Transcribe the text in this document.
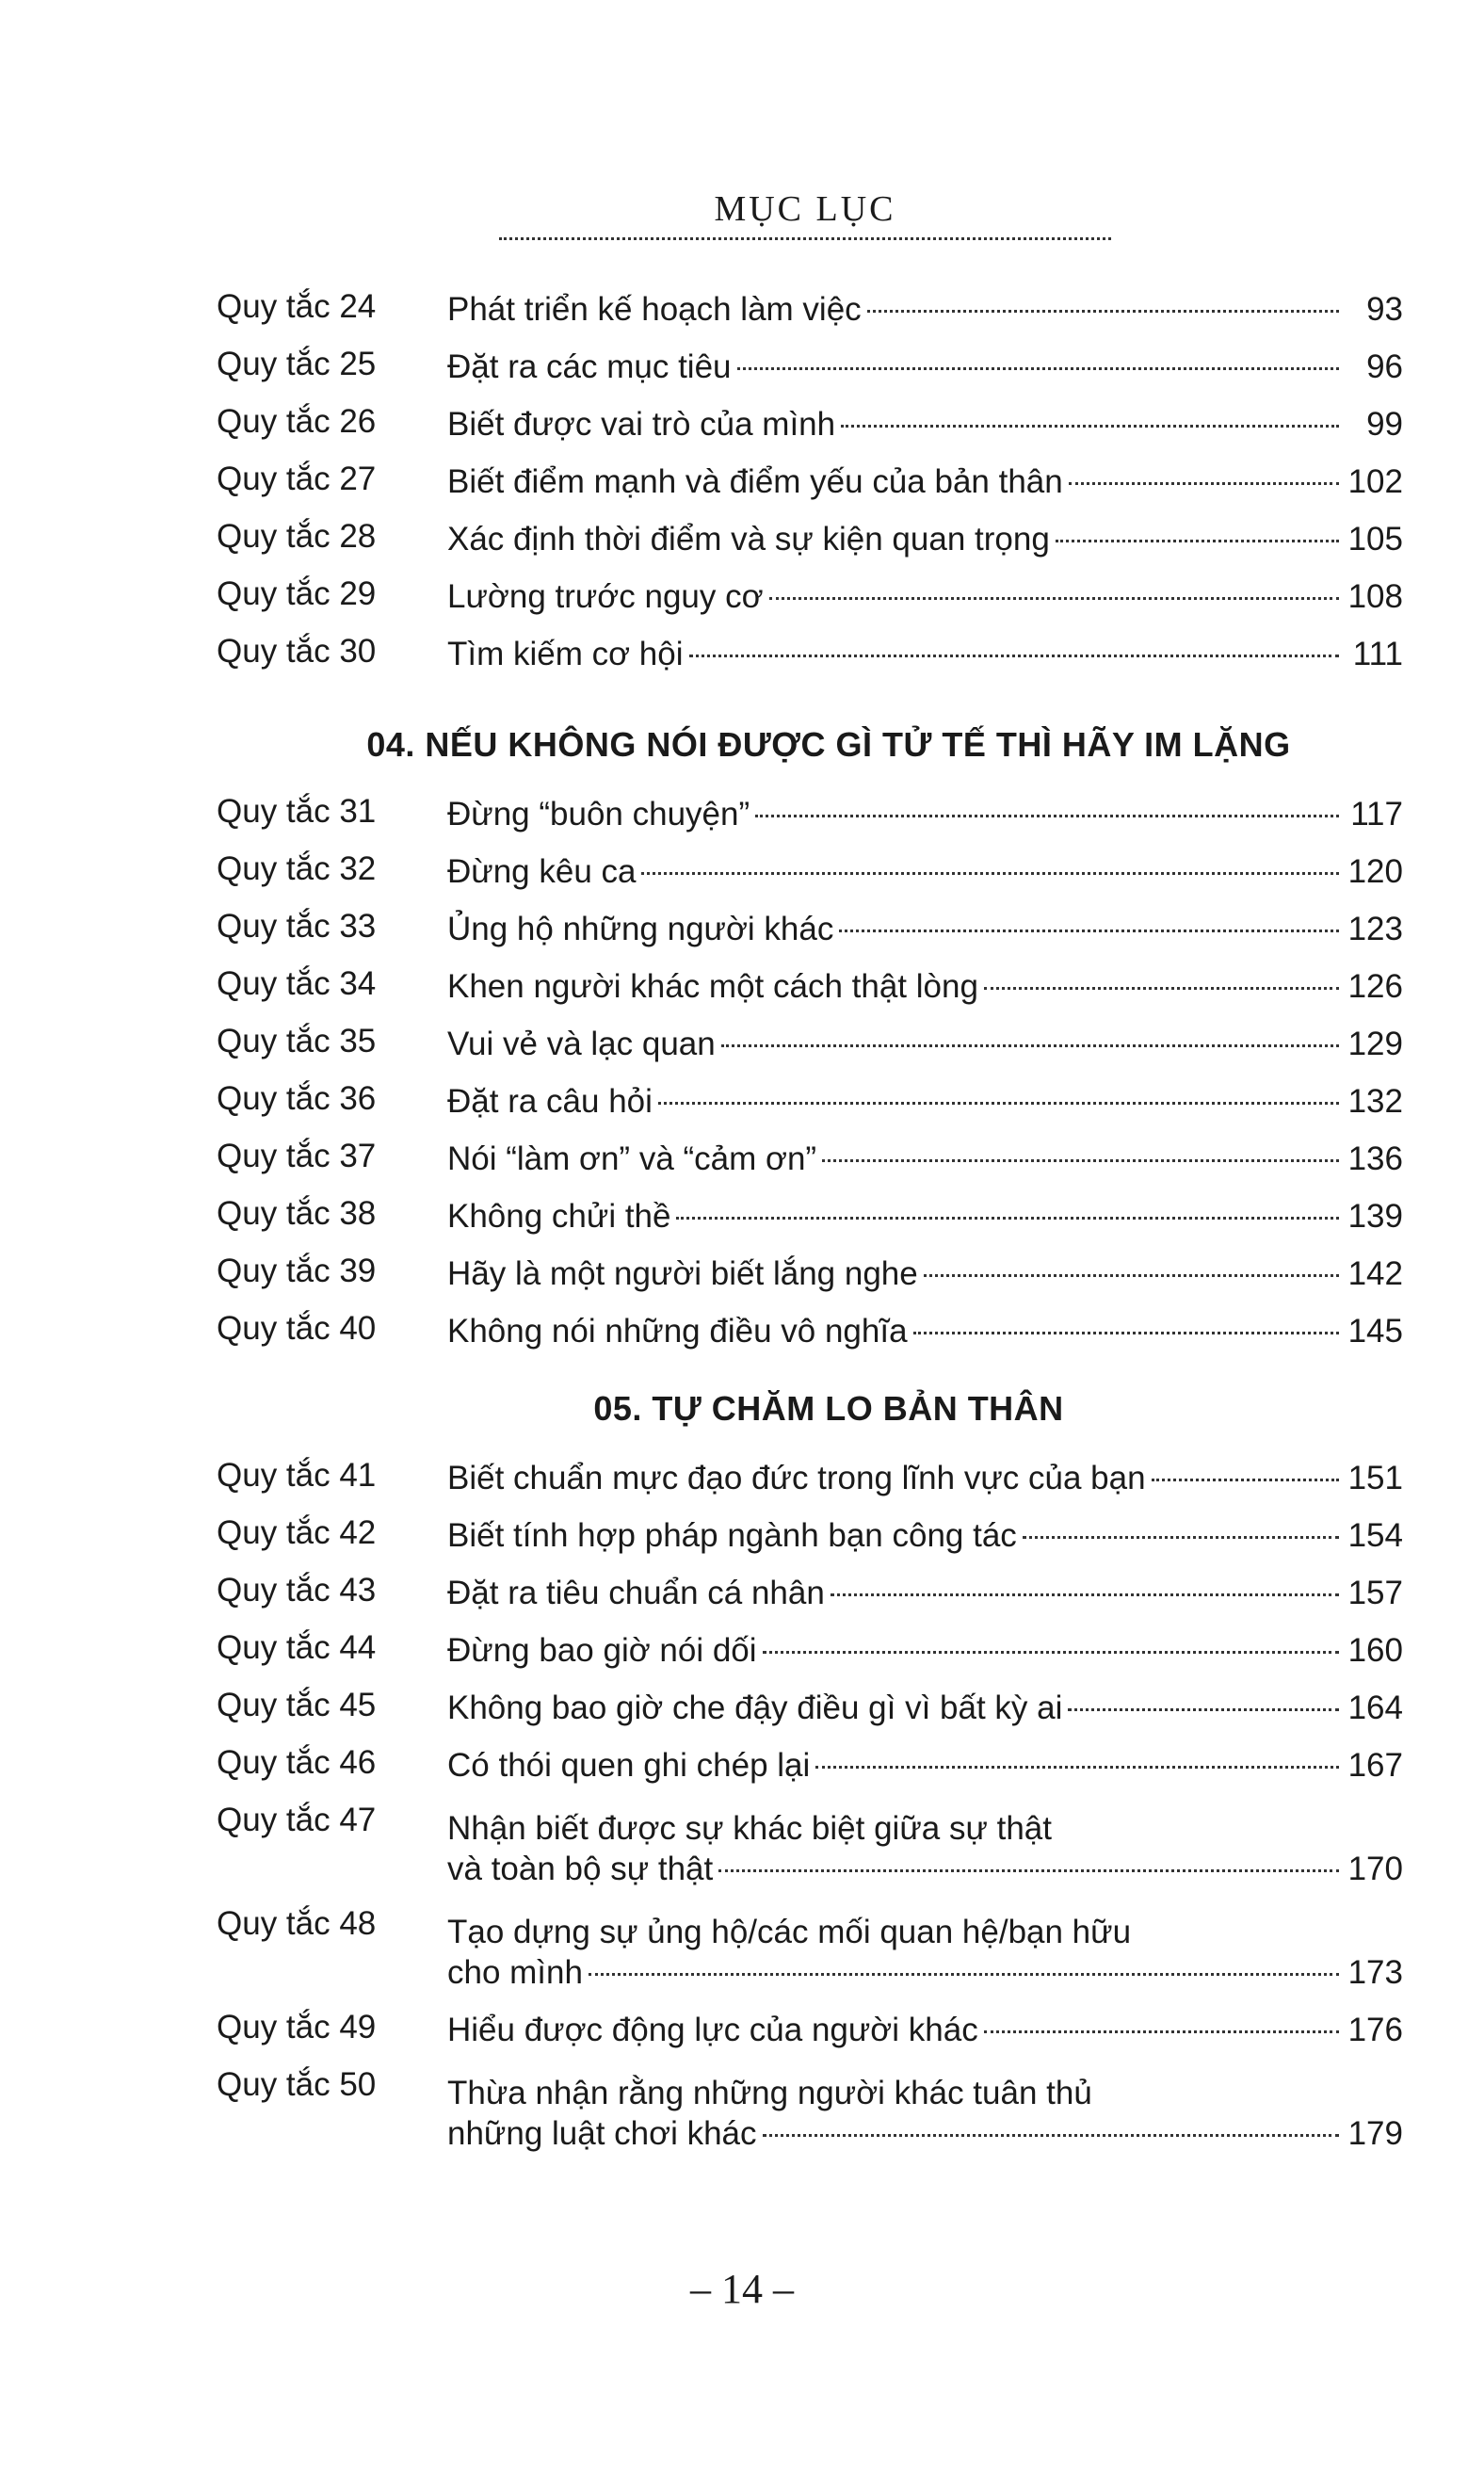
MỤC LỤC
Quy tắc 24	Phát triển kế hoạch làm việc	93
Quy tắc 25	Đặt ra các mục tiêu	96
Quy tắc 26	Biết được vai trò của mình	99
Quy tắc 27	Biết điểm mạnh và điểm yếu của bản thân	102
Quy tắc 28	Xác định thời điểm và sự kiện quan trọng	105
Quy tắc 29	Lường trước nguy cơ	108
Quy tắc 30	Tìm kiếm cơ hội	111
04. NẾU KHÔNG NÓI ĐƯỢC GÌ TỬ TẾ THÌ HÃY IM LẶNG
Quy tắc 31	Đừng “buôn chuyện”	117
Quy tắc 32	Đừng kêu ca	120
Quy tắc 33	Ủng hộ những người khác	123
Quy tắc 34	Khen người khác một cách thật lòng	126
Quy tắc 35	Vui vẻ và lạc quan	129
Quy tắc 36	Đặt ra câu hỏi	132
Quy tắc 37	Nói “làm ơn” và “cảm ơn”	136
Quy tắc 38	Không chửi thề	139
Quy tắc 39	Hãy là một người biết lắng nghe	142
Quy tắc 40	Không nói những điều vô nghĩa	145
05. TỰ CHĂM LO BẢN THÂN
Quy tắc 41	Biết chuẩn mực đạo đức trong lĩnh vực của bạn	151
Quy tắc 42	Biết tính hợp pháp ngành bạn công tác	154
Quy tắc 43	Đặt ra tiêu chuẩn cá nhân	157
Quy tắc 44	Đừng bao giờ nói dối	160
Quy tắc 45	Không bao giờ che đậy điều gì vì bất kỳ ai	164
Quy tắc 46	Có thói quen ghi chép lại	167
Quy tắc 47	Nhận biết được sự khác biệt giữa sự thật
và toàn bộ sự thật	170
Quy tắc 48	Tạo dựng sự ủng hộ/các mối quan hệ/bạn hữu
cho mình	173
Quy tắc 49	Hiểu được động lực của người khác	176
Quy tắc 50	Thừa nhận rằng những người khác tuân thủ
những luật chơi khác	179
– 14 –
